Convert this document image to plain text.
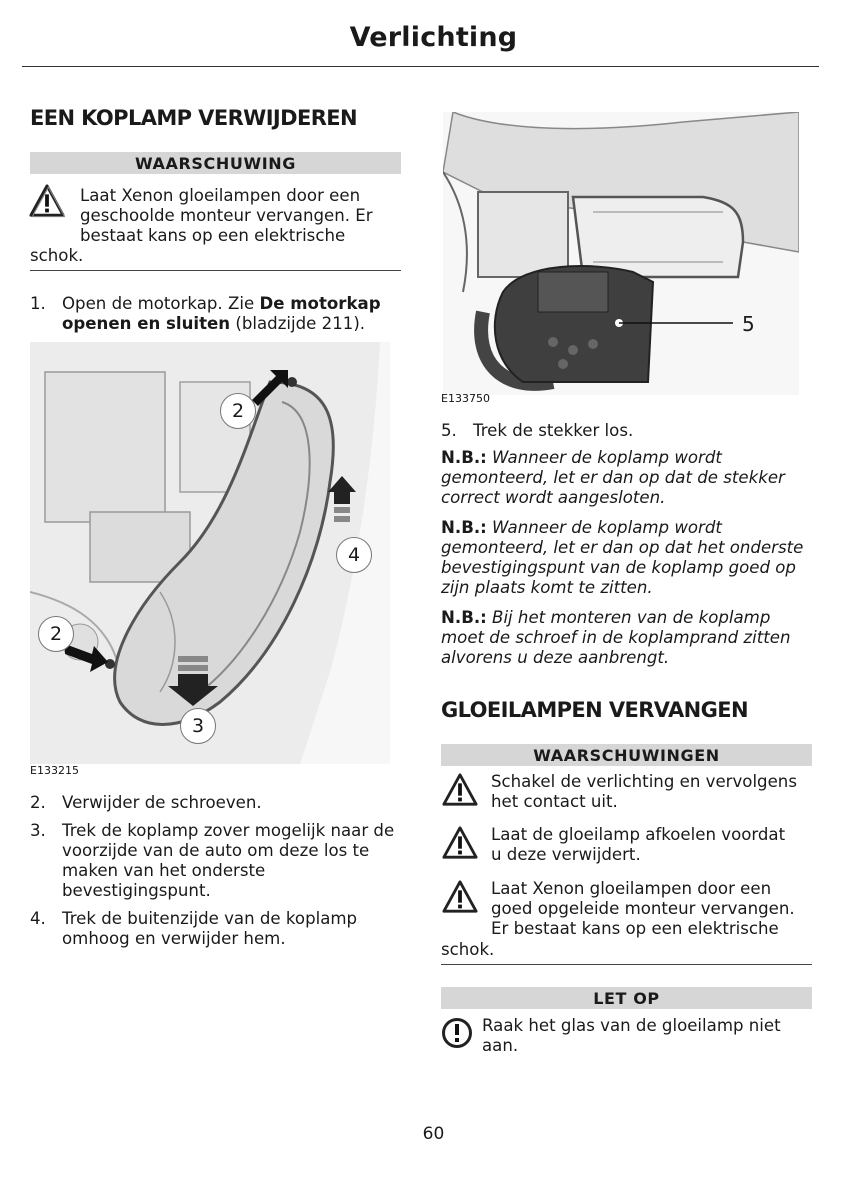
Verlichting
EEN KOPLAMP VERWIJDEREN
WAARSCHUWING
Laat Xenon gloeilampen door een
geschoolde monteur vervangen. Er
bestaat kans op een elektrische
schok.
1. Open de motorkap. Zie De motorkap openen en sluiten (bladzijde 211).
2
2
4
3
E133215
2. Verwijder de schroeven.
3. Trek de koplamp zover mogelijk naar de voorzijde van de auto om deze los te maken van het onderste bevestigingspunt.
4. Trek de buitenzijde van de koplamp omhoog en verwijder hem.
5
E133750
5. Trek de stekker los.

N.B.: Wanneer de koplamp wordt gemonteerd, let er dan op dat de stekker correct wordt aangesloten.

N.B.: Wanneer de koplamp wordt gemonteerd, let er dan op dat het onderste bevestigingspunt van de koplamp goed op zijn plaats komt te zitten.

N.B.: Bij het monteren van de koplamp moet de schroef in de koplamprand zitten alvorens u deze aanbrengt.

GLOEILAMPEN VERVANGEN
WAARSCHUWINGEN
Schakel de verlichting en vervolgens
het contact uit.
Laat de gloeilamp afkoelen voordat
u deze verwijdert.
Laat Xenon gloeilampen door een
goed opgeleide monteur vervangen.
Er bestaat kans op een elektrische
schok.
LET OP
Raak het glas van de gloeilamp niet
aan.
60
